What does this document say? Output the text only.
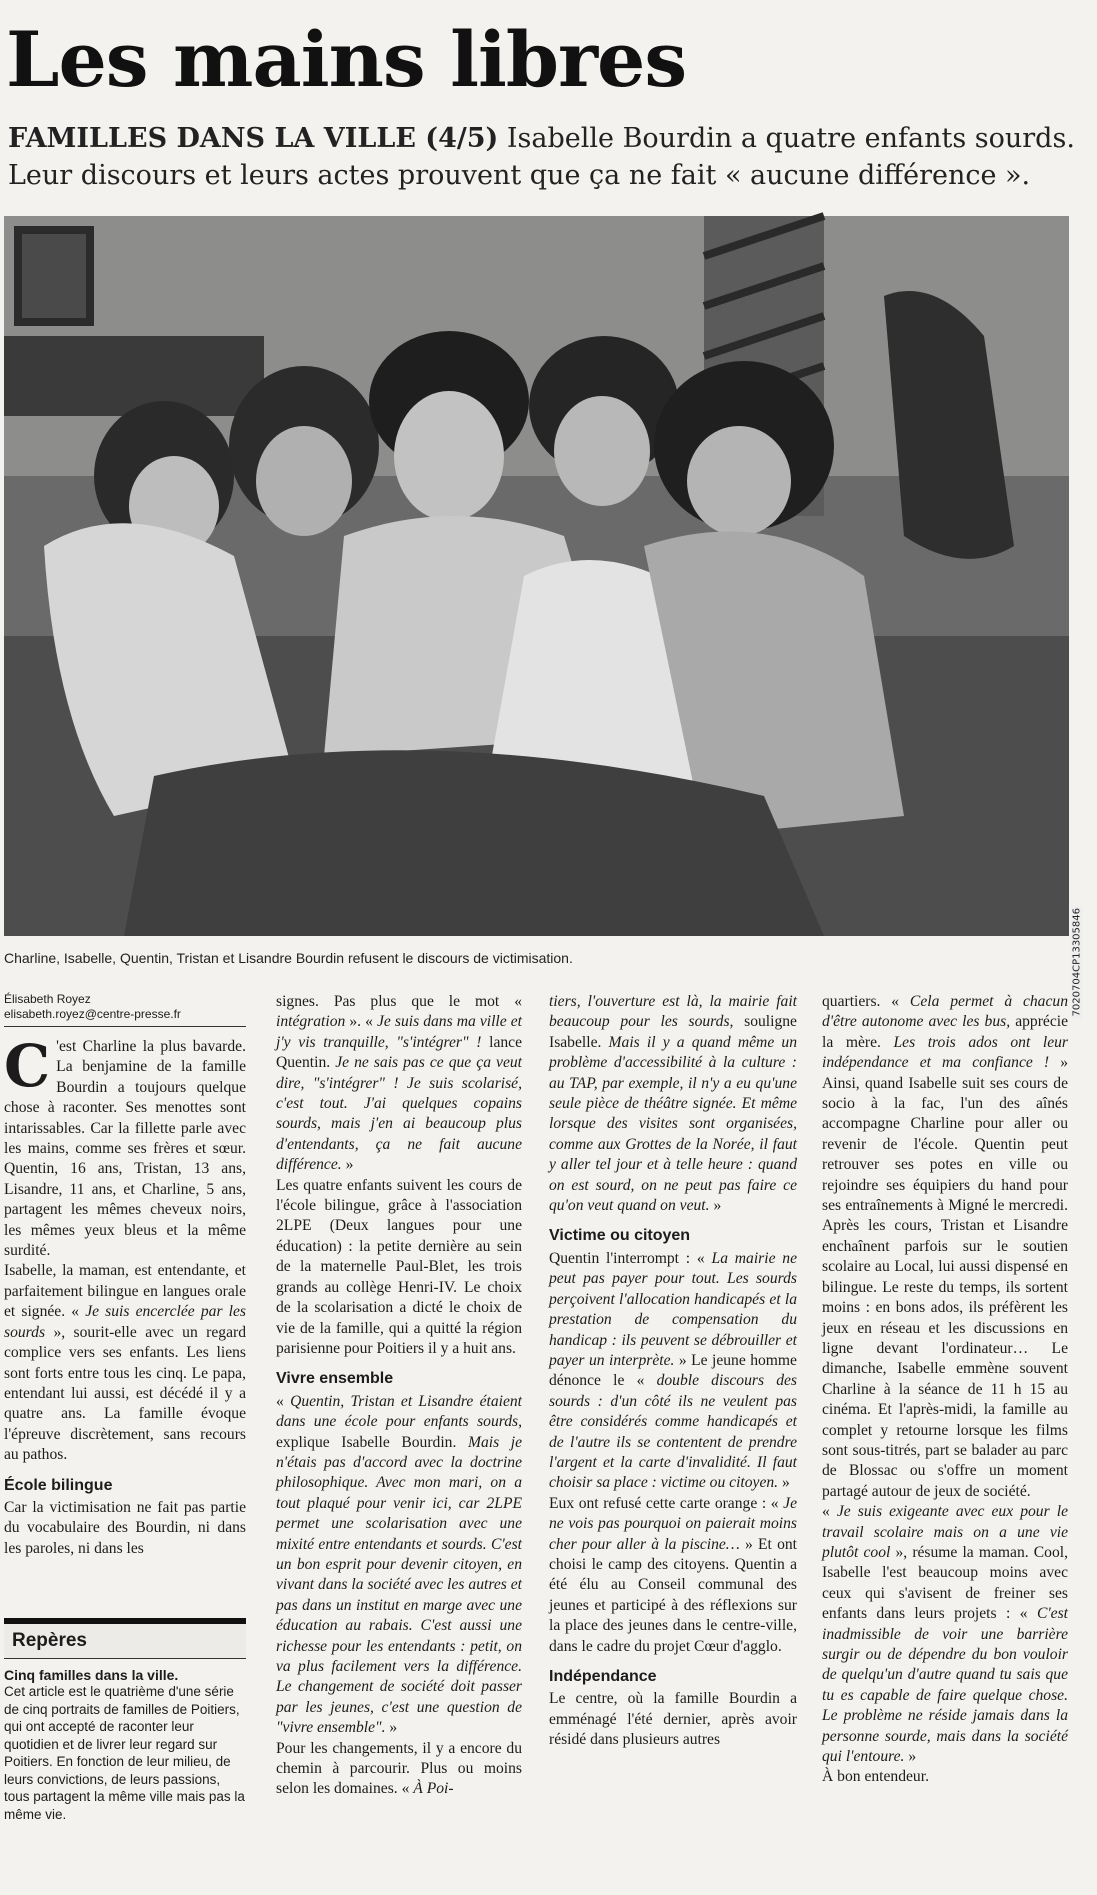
Les mains libres
FAMILLES DANS LA VILLE (4/5) Isabelle Bourdin a quatre enfants sourds. Leur discours et leurs actes prouvent que ça ne fait « aucune différence ».
7020704CP13305846
Charline, Isabelle, Quentin, Tristan et Lisandre Bourdin refusent le discours de victimisation.
Élisabeth Royez
elisabeth.royez@centre-presse.fr

C 'est Charline la plus bavarde. La benjamine de la famille Bourdin a toujours quelque chose à raconter. Ses menottes sont intarissables. Car la fillette parle avec les mains, comme ses frères et sœur. Quentin, 16 ans, Tristan, 13 ans, Lisandre, 11 ans, et Charline, 5 ans, partagent les mêmes cheveux noirs, les mêmes yeux bleus et la même surdité.

Isabelle, la maman, est entendante, et parfaitement bilingue en langues orale et signée. « Je suis encerclée par les sourds », sourit-elle avec un regard complice vers ses enfants. Les liens sont forts entre tous les cinq. Le papa, entendant lui aussi, est décédé il y a quatre ans. La famille évoque l'épreuve discrètement, sans recours au pathos.

École bilingue

Car la victimisation ne fait pas partie du vocabulaire des Bourdin, ni dans les paroles, ni dans les

Repères
Cinq familles dans la ville.
Cet article est le quatrième d'une série de cinq portraits de familles de Poitiers, qui ont accepté de raconter leur quotidien et de livrer leur regard sur Poitiers. En fonction de leur milieu, de leurs convictions, de leurs passions, tous partagent la même ville mais pas la même vie.

signes. Pas plus que le mot « intégration ». « Je suis dans ma ville et j'y vis tranquille, "s'intégrer" ! lance Quentin. Je ne sais pas ce que ça veut dire, "s'intégrer" ! Je suis scolarisé, c'est tout. J'ai quelques copains sourds, mais j'en ai beaucoup plus d'entendants, ça ne fait aucune différence. »

Les quatre enfants suivent les cours de l'école bilingue, grâce à l'association 2LPE (Deux langues pour une éducation) : la petite dernière au sein de la maternelle Paul-Blet, les trois grands au collège Henri-IV. Le choix de la scolarisation a dicté le choix de vie de la famille, qui a quitté la région parisienne pour Poitiers il y a huit ans.

Vivre ensemble

« Quentin, Tristan et Lisandre étaient dans une école pour enfants sourds, explique Isabelle Bourdin. Mais je n'étais pas d'accord avec la doctrine philosophique. Avec mon mari, on a tout plaqué pour venir ici, car 2LPE permet une scolarisation avec une mixité entre entendants et sourds. C'est un bon esprit pour devenir citoyen, en vivant dans la société avec les autres et pas dans un institut en marge avec une éducation au rabais. C'est aussi une richesse pour les entendants : petit, on va plus facilement vers la différence. Le changement de société doit passer par les jeunes, c'est une question de "vivre ensemble". »

Pour les changements, il y a encore du chemin à parcourir. Plus ou moins selon les domaines. « À Poi-

tiers, l'ouverture est là, la mairie fait beaucoup pour les sourds, souligne Isabelle. Mais il y a quand même un problème d'accessibilité à la culture : au TAP, par exemple, il n'y a eu qu'une seule pièce de théâtre signée. Et même lorsque des visites sont organisées, comme aux Grottes de la Norée, il faut y aller tel jour et à telle heure : quand on est sourd, on ne peut pas faire ce qu'on veut quand on veut. »

Victime ou citoyen

Quentin l'interrompt : « La mairie ne peut pas payer pour tout. Les sourds perçoivent l'allocation handicapés et la prestation de compensation du handicap : ils peuvent se débrouiller et payer un interprète. » Le jeune homme dénonce le « double discours des sourds : d'un côté ils ne veulent pas être considérés comme handicapés et de l'autre ils se contentent de prendre l'argent et la carte d'invalidité. Il faut choisir sa place : victime ou citoyen. »

Eux ont refusé cette carte orange : « Je ne vois pas pourquoi on paierait moins cher pour aller à la piscine… » Et ont choisi le camp des citoyens. Quentin a été élu au Conseil communal des jeunes et participé à des réflexions sur la place des jeunes dans le centre-ville, dans le cadre du projet Cœur d'agglo.

Indépendance

Le centre, où la famille Bourdin a emménagé l'été dernier, après avoir résidé dans plusieurs autres

quartiers. « Cela permet à chacun d'être autonome avec les bus, apprécie la mère. Les trois ados ont leur indépendance et ma confiance ! » Ainsi, quand Isabelle suit ses cours de socio à la fac, l'un des aînés accompagne Charline pour aller ou revenir de l'école. Quentin peut retrouver ses potes en ville ou rejoindre ses équipiers du hand pour ses entraînements à Migné le mercredi. Après les cours, Tristan et Lisandre enchaînent parfois sur le soutien scolaire au Local, lui aussi dispensé en bilingue. Le reste du temps, ils sortent moins : en bons ados, ils préfèrent les jeux en réseau et les discussions en ligne devant l'ordinateur… Le dimanche, Isabelle emmène souvent Charline à la séance de 11 h 15 au cinéma. Et l'après-midi, la famille au complet y retourne lorsque les films sont sous-titrés, part se balader au parc de Blossac ou s'offre un moment partagé autour de jeux de société.

« Je suis exigeante avec eux pour le travail scolaire mais on a une vie plutôt cool », résume la maman. Cool, Isabelle l'est beaucoup moins avec ceux qui s'avisent de freiner ses enfants dans leurs projets : « C'est inadmissible de voir une barrière surgir ou de dépendre du bon vouloir de quelqu'un d'autre quand tu sais que tu es capable de faire quelque chose. Le problème ne réside jamais dans la personne sourde, mais dans la société qui l'entoure. »

À bon entendeur.
